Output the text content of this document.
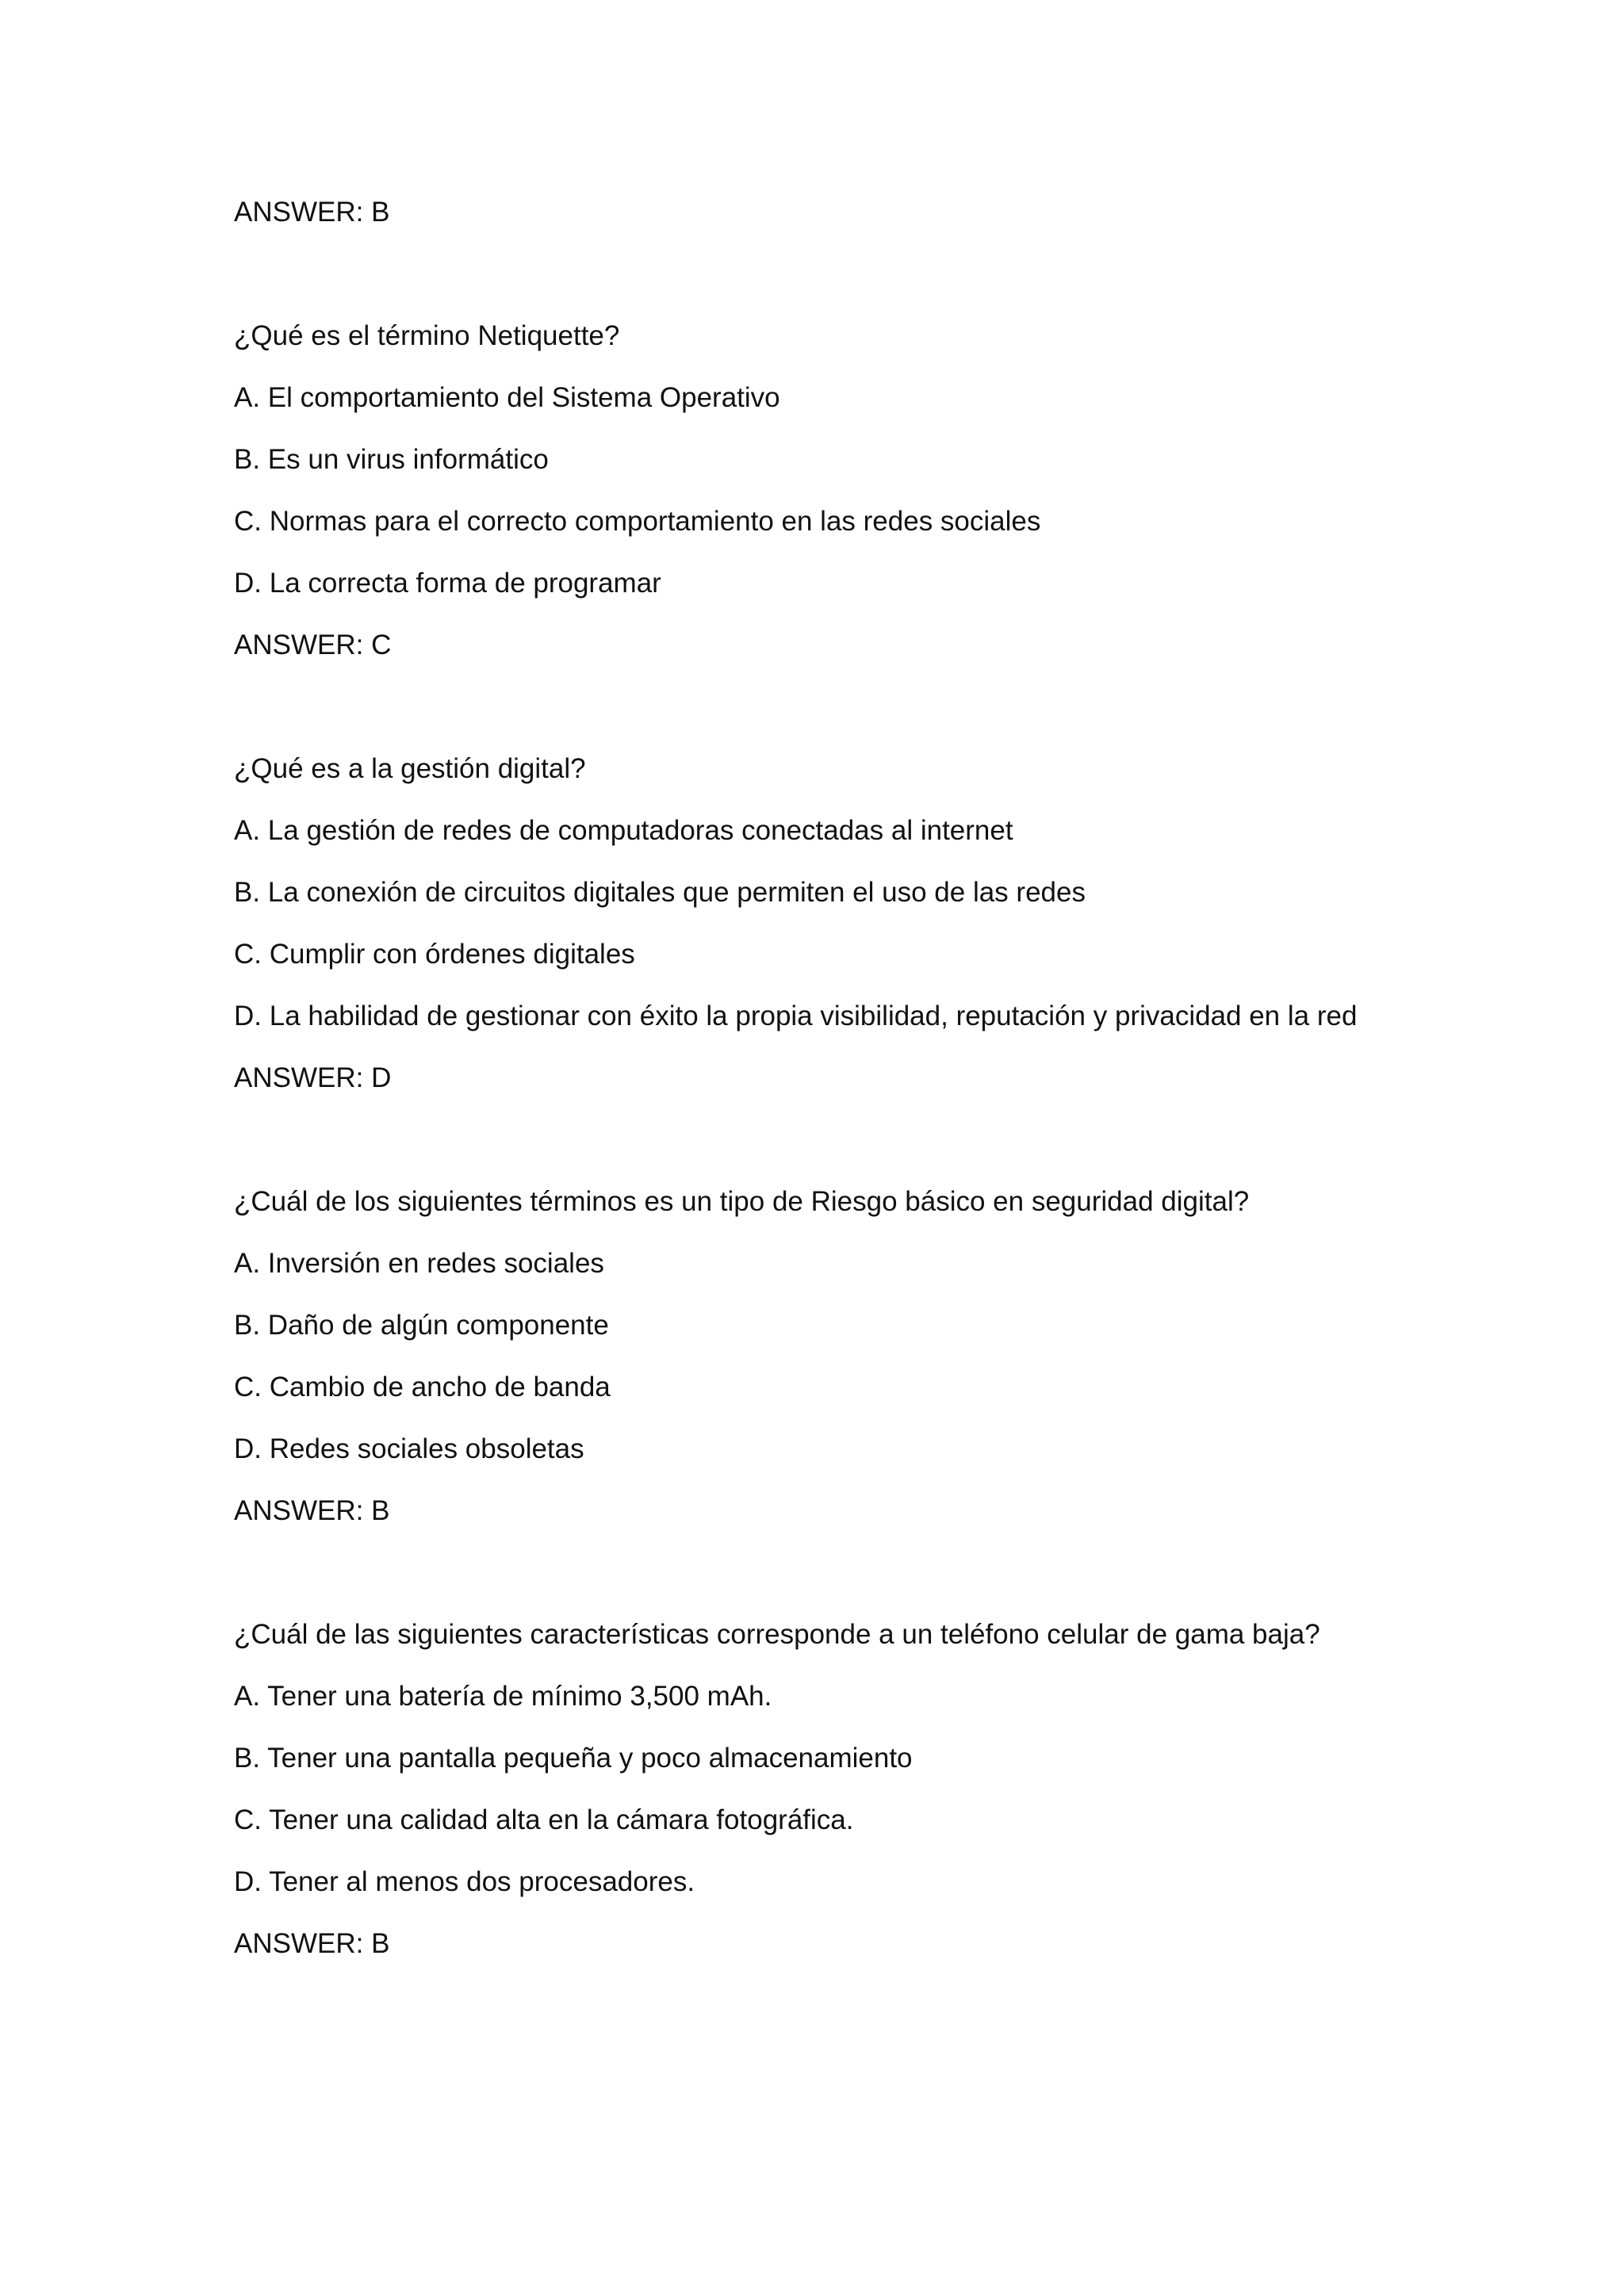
ANSWER: B
¿Qué es el término Netiquette?
A. El comportamiento del Sistema Operativo
B. Es un virus informático
C. Normas para el correcto comportamiento en las redes sociales
D. La correcta forma de programar
ANSWER: C
¿Qué es a la gestión digital?
A. La gestión de redes de computadoras conectadas al internet
B. La conexión de circuitos digitales que permiten el uso de las redes
C. Cumplir con órdenes digitales
D. La habilidad de gestionar con éxito la propia visibilidad, reputación y privacidad en la red
ANSWER: D
¿Cuál de los siguientes términos es un tipo de Riesgo básico en seguridad digital?
A. Inversión en redes sociales
B. Daño de algún componente
C. Cambio de ancho de banda
D. Redes sociales obsoletas
ANSWER: B
¿Cuál de las siguientes características corresponde a un teléfono celular de gama baja?
A. Tener una batería de mínimo 3,500 mAh.
B. Tener una pantalla pequeña y poco almacenamiento
C. Tener una calidad alta en la cámara fotográfica.
D. Tener al menos dos procesadores.
ANSWER: B
